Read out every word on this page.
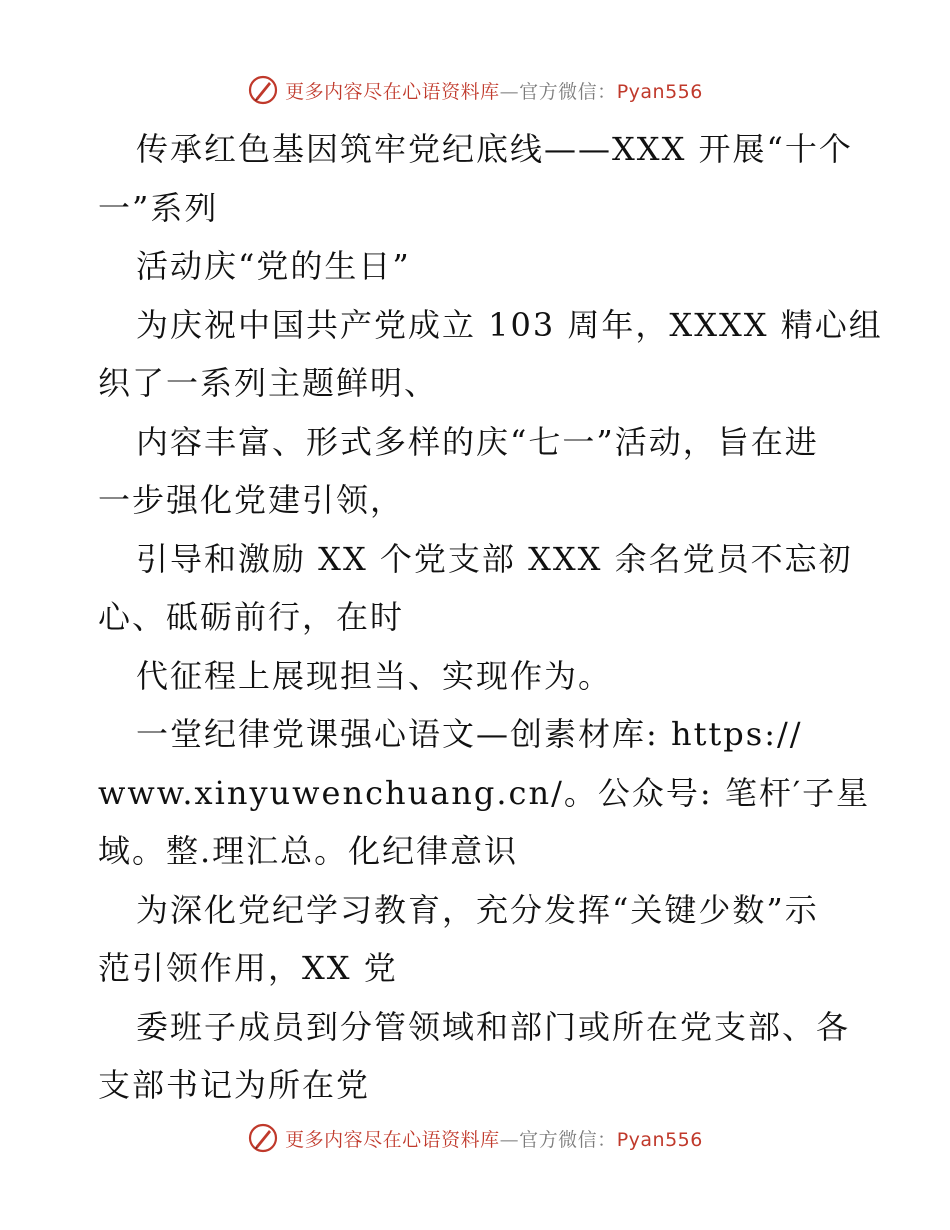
更多内容尽在心语资料库—官方微信：Pyan556
传承红色基因筑牢党纪底线——XXX 开展“十个
一”系列
活动庆“党的生日”
为庆祝中国共产党成立 103 周年，XXXX 精心组
织了一系列主题鲜明、
内容丰富、形式多样的庆“七一”活动，旨在进
一步强化党建引领，
引导和激励 XX 个党支部 XXX 余名党员不忘初
心、砥砺前行，在时
代征程上展现担当、实现作为。
一堂纪律党课强心语文—创素材库: https://
www.xinyuwenchuang.cn/。公众号: 笔杆′子星
域。整.理汇总。化纪律意识
为深化党纪学习教育，充分发挥“关键少数”示
范引领作用，XX 党
委班子成员到分管领域和部门或所在党支部、各
支部书记为所在党
更多内容尽在心语资料库—官方微信：Pyan556
